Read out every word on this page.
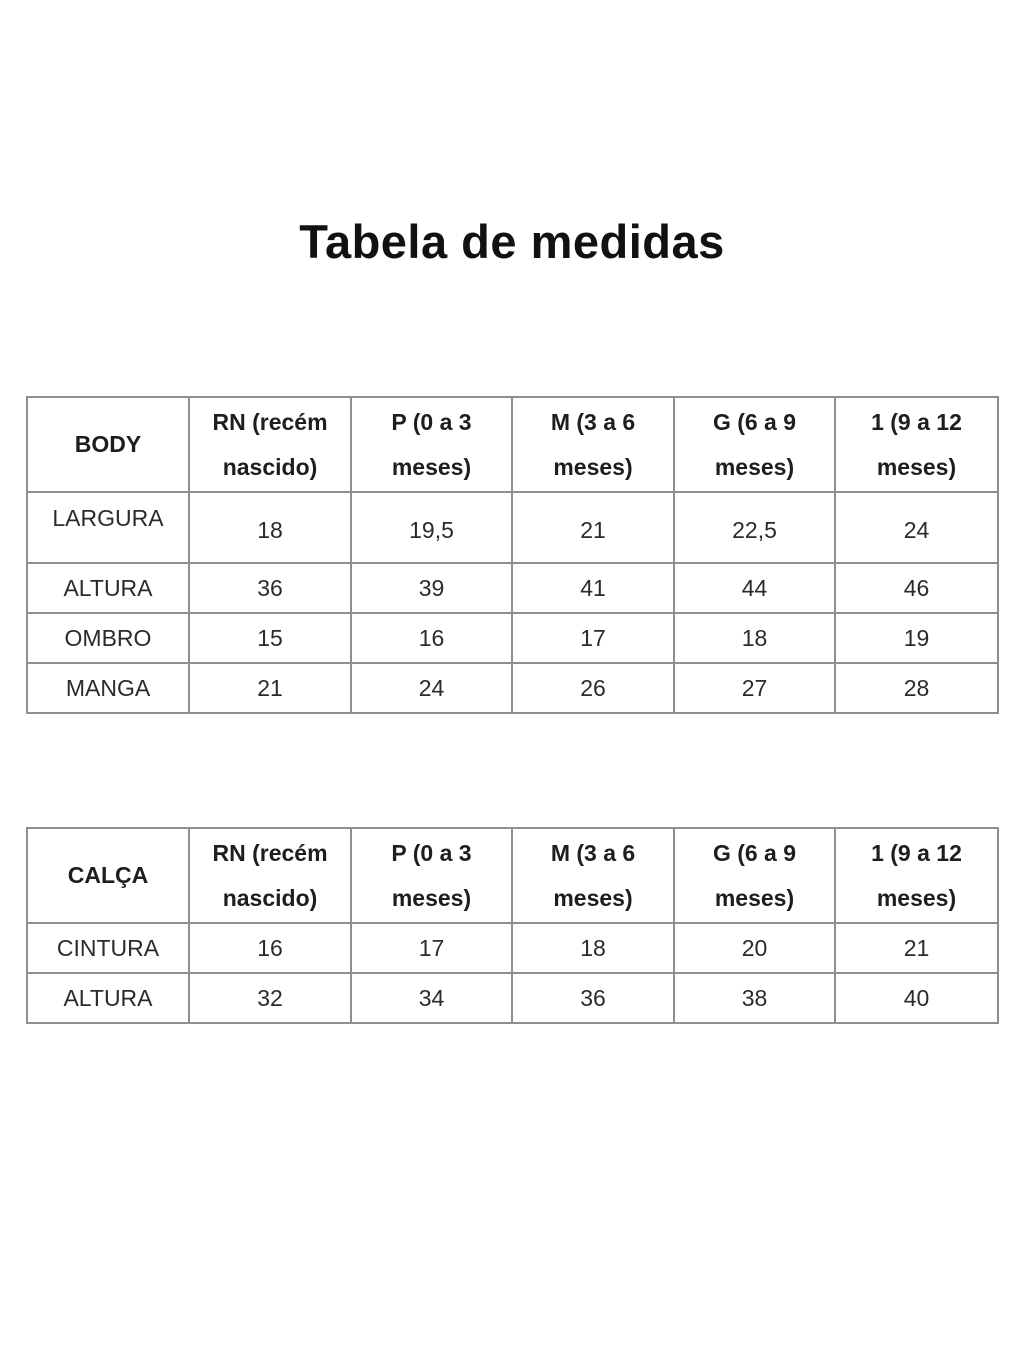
Tabela de medidas
BODY	RN (recém nascido)	P (0 a 3 meses)	M (3 a 6 meses)	G (6 a 9 meses)	1 (9 a 12 meses)
LARGURA	18	19,5	21	22,5	24
ALTURA	36	39	41	44	46
OMBRO	15	16	17	18	19
MANGA	21	24	26	27	28
CALÇA	RN (recém nascido)	P (0 a 3 meses)	M (3 a 6 meses)	G (6 a 9 meses)	1 (9 a 12 meses)
CINTURA	16	17	18	20	21
ALTURA	32	34	36	38	40
